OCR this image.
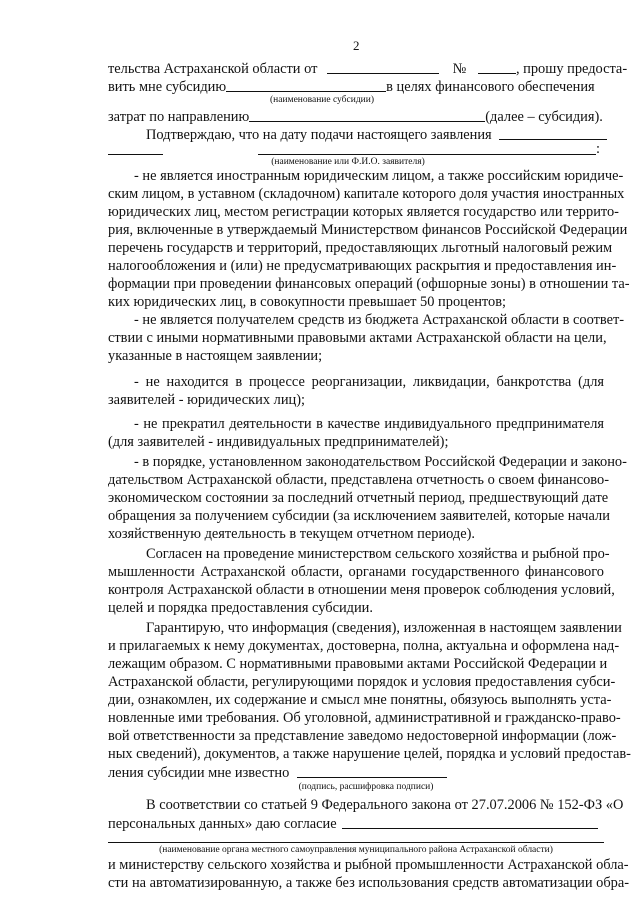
2
тельства Астраханской области от	№	, прошу предоста-
вить мне субсидию	в целях финансового обеспечения
(наименование субсидии)
затрат по направлению	(далее – субсидия).
Подтверждаю, что на дату подачи настоящего заявления
:
(наименование или Ф.И.О. заявителя)
- не является иностранным юридическим лицом, а также российским юридиче-
ским лицом, в уставном (складочном) капитале которого доля участия иностранных
юридических лиц, местом регистрации которых является государство или террито-
рия, включенные в утверждаемый Министерством финансов Российской Федерации
перечень государств и территорий, предоставляющих льготный налоговый режим
налогообложения и (или) не предусматривающих раскрытия и предоставления ин-
формации при проведении финансовых операций (офшорные зоны) в отношении та-
ких юридических лиц, в совокупности превышает 50 процентов;
- не является получателем средств из бюджета Астраханской области в соответ-
ствии с иными нормативными правовыми актами Астраханской области на цели,
указанные в настоящем заявлении;
- не находится в процессе реорганизации, ликвидации, банкротства (для
заявителей - юридических лиц);
- не прекратил деятельности в качестве индивидуального предпринимателя
(для заявителей - индивидуальных предпринимателей);
- в порядке, установленном законодательством Российской Федерации и законо-
дательством Астраханской области, представлена отчетность о своем финансово-
экономическом состоянии за последний отчетный период, предшествующий дате
обращения за получением субсидии (за исключением заявителей, которые начали
хозяйственную деятельность в текущем отчетном периоде).
Согласен на проведение министерством сельского хозяйства и рыбной про-
мышленности Астраханской области, органами государственного финансового
контроля Астраханской области в отношении меня проверок соблюдения условий,
целей и порядка предоставления субсидии.
Гарантирую, что информация (сведения), изложенная в настоящем заявлении
и прилагаемых к нему документах, достоверна, полна, актуальна и оформлена над-
лежащим образом. С нормативными правовыми актами Российской Федерации и
Астраханской области, регулирующими порядок и условия предоставления субси-
дии, ознакомлен, их содержание и смысл мне понятны, обязуюсь выполнять уста-
новленные ими требования. Об уголовной, административной и гражданско-право-
вой ответственности за представление заведомо недостоверной информации (лож-
ных сведений), документов, а также нарушение целей, порядка и условий предостав-
ления субсидии мне известно
(подпись, расшифровка подписи)
В соответствии со статьей 9 Федерального закона от 27.07.2006 № 152-ФЗ «О
персональных данных» даю согласие
(наименование органа местного самоуправления муниципального района Астраханской области)
и министерству сельского хозяйства и рыбной промышленности Астраханской обла-
сти на автоматизированную, а также без использования средств автоматизации обра-
